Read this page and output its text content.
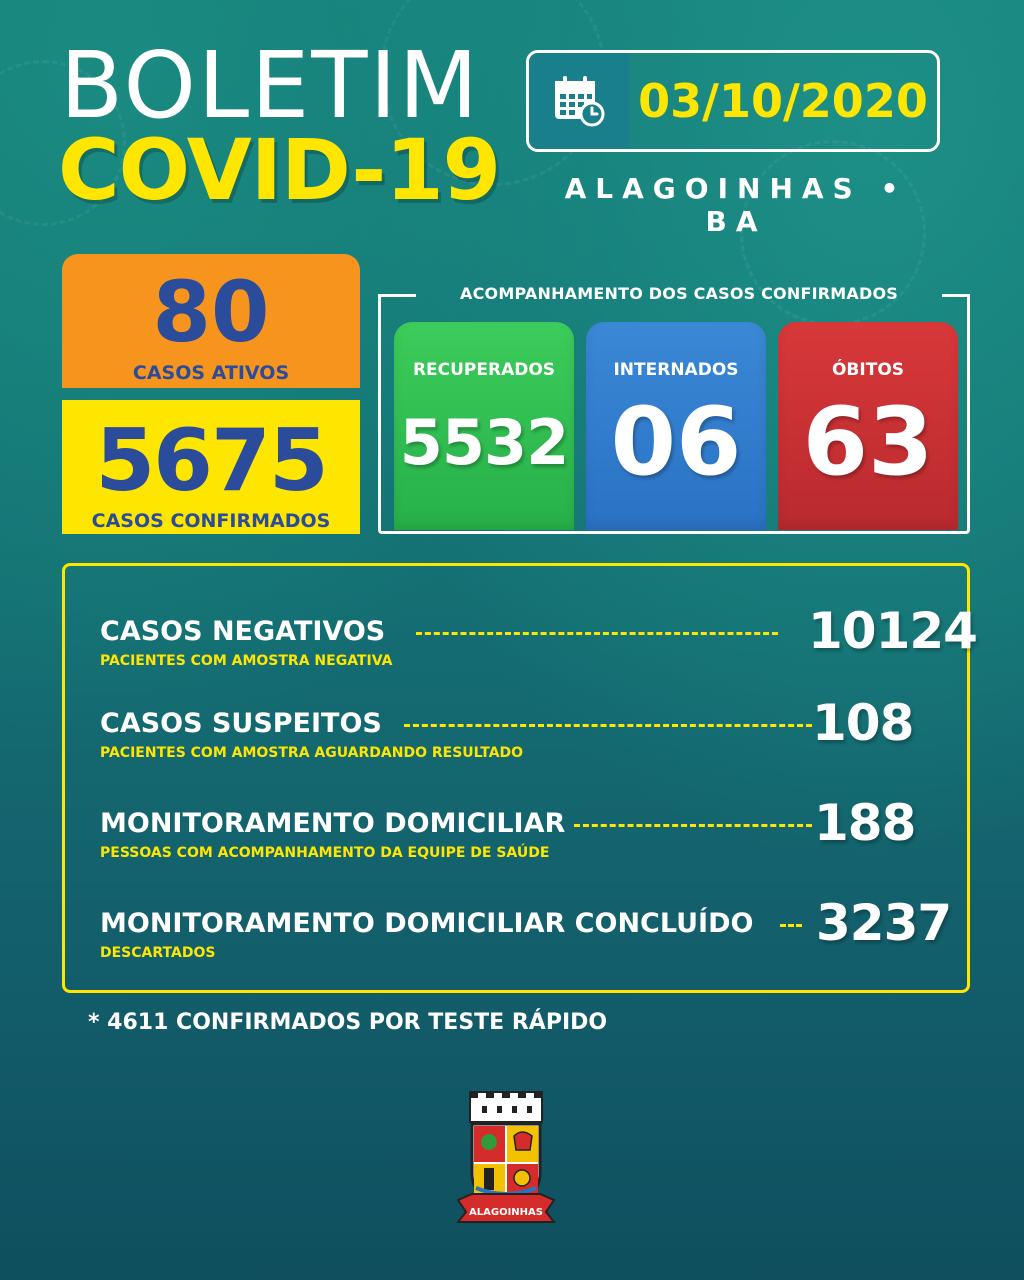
BOLETIM
COVID-19
03/10/2020
ALAGOINHAS • BA
80
CASOS ATIVOS
5675
CASOS CONFIRMADOS
ACOMPANHAMENTO DOS CASOS CONFIRMADOS
RECUPERADOS
5532
INTERNADOS
06
ÓBITOS
63
CASOS NEGATIVOS
PACIENTES COM AMOSTRA NEGATIVA
10124
CASOS SUSPEITOS
PACIENTES COM AMOSTRA AGUARDANDO RESULTADO
108
MONITORAMENTO DOMICILIAR
PESSOAS COM ACOMPANHAMENTO DA EQUIPE DE SAÚDE
188
MONITORAMENTO DOMICILIAR CONCLUÍDO
DESCARTADOS
3237
* 4611 CONFIRMADOS POR TESTE RÁPIDO
ALAGOINHAS
